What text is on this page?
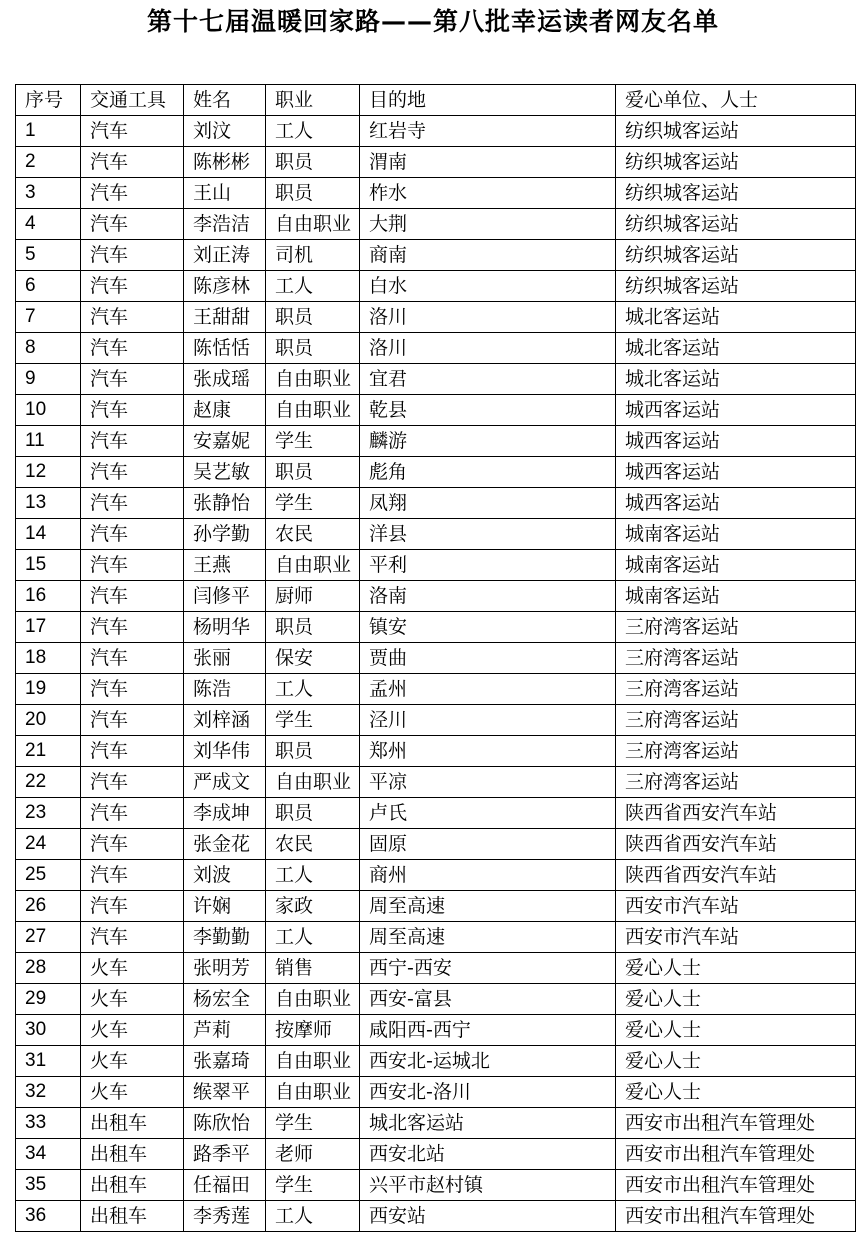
第十七届温暖回家路——第八批幸运读者网友名单
序号	交通工具	姓名	职业	目的地	爱心单位、人士
1	汽车	刘汶	工人	红岩寺	纺织城客运站
2	汽车	陈彬彬	职员	渭南	纺织城客运站
3	汽车	王山	职员	柞水	纺织城客运站
4	汽车	李浩洁	自由职业	大荆	纺织城客运站
5	汽车	刘正涛	司机	商南	纺织城客运站
6	汽车	陈彦林	工人	白水	纺织城客运站
7	汽车	王甜甜	职员	洛川	城北客运站
8	汽车	陈恬恬	职员	洛川	城北客运站
9	汽车	张成瑶	自由职业	宜君	城北客运站
10	汽车	赵康	自由职业	乾县	城西客运站
11	汽车	安嘉妮	学生	麟游	城西客运站
12	汽车	吴艺敏	职员	彪角	城西客运站
13	汽车	张静怡	学生	凤翔	城西客运站
14	汽车	孙学勤	农民	洋县	城南客运站
15	汽车	王燕	自由职业	平利	城南客运站
16	汽车	闫修平	厨师	洛南	城南客运站
17	汽车	杨明华	职员	镇安	三府湾客运站
18	汽车	张丽	保安	贾曲	三府湾客运站
19	汽车	陈浩	工人	孟州	三府湾客运站
20	汽车	刘梓涵	学生	泾川	三府湾客运站
21	汽车	刘华伟	职员	郑州	三府湾客运站
22	汽车	严成文	自由职业	平凉	三府湾客运站
23	汽车	李成坤	职员	卢氏	陕西省西安汽车站
24	汽车	张金花	农民	固原	陕西省西安汽车站
25	汽车	刘波	工人	商州	陕西省西安汽车站
26	汽车	许娴	家政	周至高速	西安市汽车站
27	汽车	李勤勤	工人	周至高速	西安市汽车站
28	火车	张明芳	销售	西宁-西安	爱心人士
29	火车	杨宏全	自由职业	西安-富县	爱心人士
30	火车	芦莉	按摩师	咸阳西-西宁	爱心人士
31	火车	张嘉琦	自由职业	西安北-运城北	爱心人士
32	火车	缑翠平	自由职业	西安北-洛川	爱心人士
33	出租车	陈欣怡	学生	城北客运站	西安市出租汽车管理处
34	出租车	路季平	老师	西安北站	西安市出租汽车管理处
35	出租车	任福田	学生	兴平市赵村镇	西安市出租汽车管理处
36	出租车	李秀莲	工人	西安站	西安市出租汽车管理处
